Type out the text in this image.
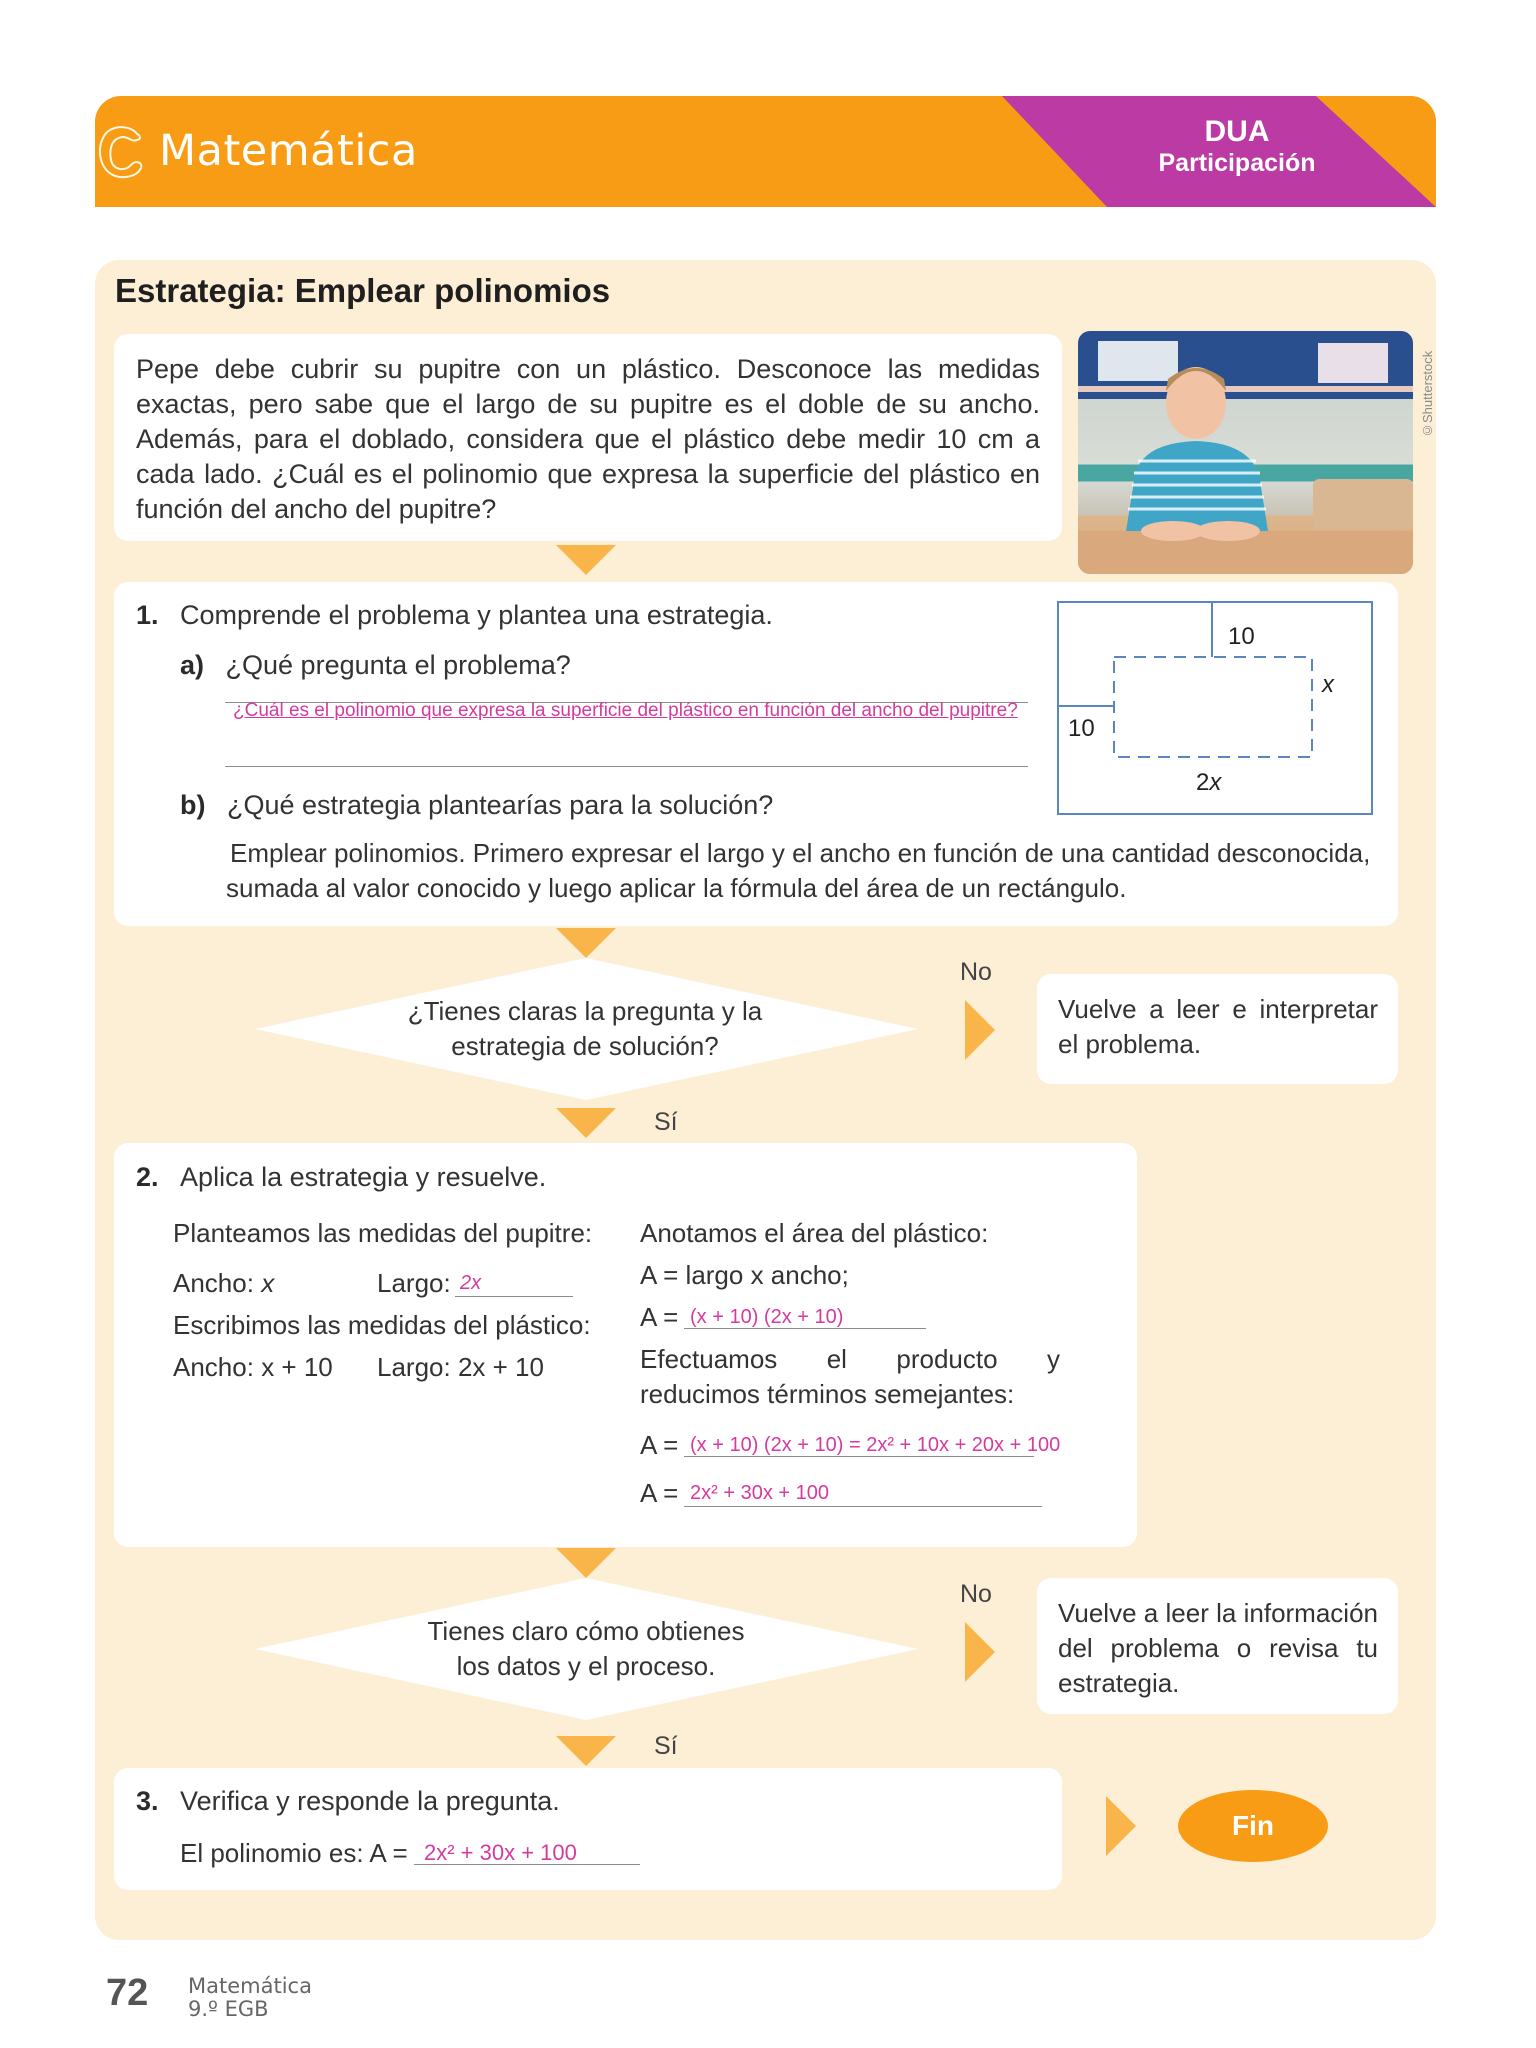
Matemática	DUA
Participación
Estrategia: Emplear polinomios
Pepe debe cubrir su pupitre con un plástico. Desconoce las medidas exactas, pero sabe que el largo de su pupitre es el doble de su ancho. Además, para el doblado, considera que el plástico debe medir 10 cm a cada lado. ¿Cuál es el polinomio que expresa la superficie del plástico en función del ancho del pupitre?
©Shutterstock
1. Comprende el problema y plantea una estrategia.
a) ¿Qué pregunta el problema?
¿Cuál es el polinomio que expresa la superficie del plástico en función del ancho del pupitre?
b) ¿Qué estrategia plantearías para la solución?
Emplear polinomios. Primero expresar el largo y el ancho en función de una cantidad desconocida, sumada al valor conocido y luego aplicar la fórmula del área de un rectángulo.
10
10
x
2x
¿Tienes claras la pregunta y la estrategia de solución?
No
Vuelve a leer e interpretar el problema.
Sí
2. Aplica la estrategia y resuelve.
Planteamos las medidas del pupitre:
Ancho: x	Largo: 2x
Escribimos las medidas del plástico:
Ancho: x + 10 Largo: 2x + 10
Anotamos el área del plástico:
A = largo x ancho;
A = (x + 10) (2x + 10)
Efectuamos el producto y reducimos términos semejantes:
A = (x + 10) (2x + 10) = 2x² + 10x + 20x + 100
A = 2x² + 30x + 100
Tienes claro cómo obtienes los datos y el proceso.
No
Vuelve a leer la información del problema o revisa tu estrategia.
Sí
3. Verifica y responde la pregunta.
El polinomio es: A = 2x² + 30x + 100
Fin
72 Matemática
9.º EGB
